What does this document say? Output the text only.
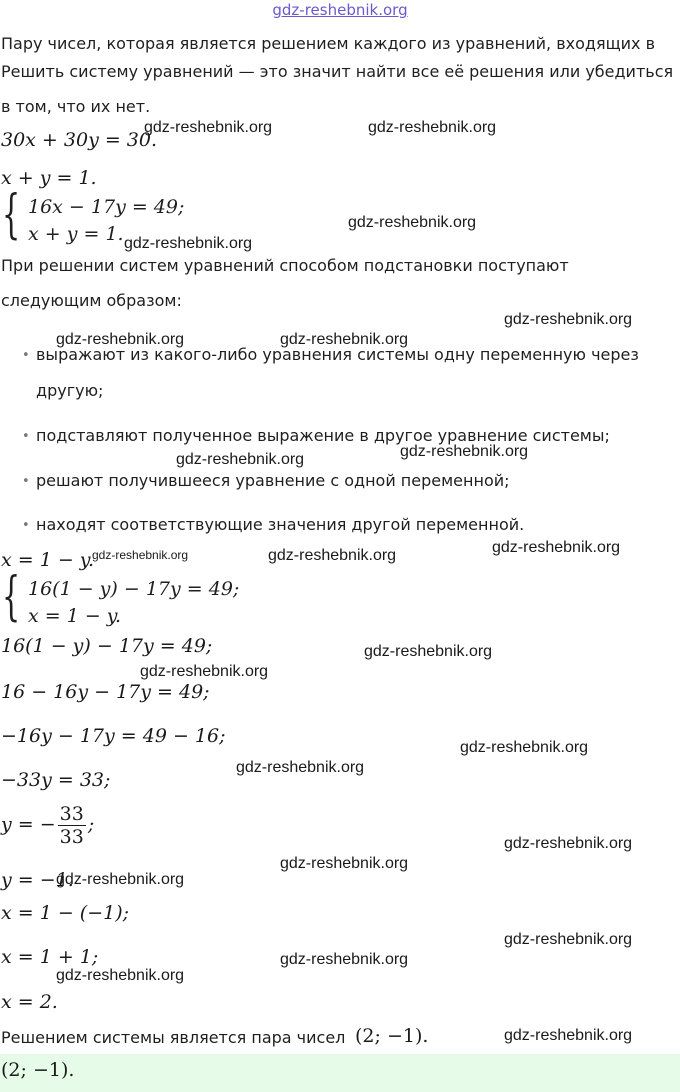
gdz-reshebnik.org
Пару чисел, которая является решением каждого из уравнений, входящих в
Решить систему уравнений — это значит найти все её решения или убедиться
в том, что их нет.
30x + 30y = 30.
x + y = 1.
{ 16x − 17y = 49;
x + y = 1.
При решении систем уравнений способом подстановки поступают
следующим образом:
• выражают из какого-либо уравнения системы одну переменную через
другую;
• подставляют полученное выражение в другое уравнение системы;
• решают получившееся уравнение с одной переменной;
• находят соответствующие значения другой переменной.
x = 1 − y.
{ 16(1 − y) − 17y = 49;
x = 1 − y.
16(1 − y) − 17y = 49;
16 − 16y − 17y = 49;
−16y − 17y = 49 − 16;
−33y = 33;
y = − $\frac{33}{33}$ ;
y = −1.
x = 1 − (−1);
x = 1 + 1;
x = 2.
Решением системы является пара чисел (2; −1).
(2; −1).
gdz-reshebnik.org	gdz-reshebnik.org
gdz-reshebnik.org
gdz-reshebnik.org
gdz-reshebnik.org
gdz-reshebnik.org	gdz-reshebnik.org
gdz-reshebnik.org
gdz-reshebnik.org
gdz-reshebnik.org
gdz-reshebnik.org	gdz-reshebnik.org
gdz-reshebnik.org
gdz-reshebnik.org
gdz-reshebnik.org
gdz-reshebnik.org
gdz-reshebnik.org
gdz-reshebnik.org
gdz-reshebnik.org
gdz-reshebnik.org
gdz-reshebnik.org
gdz-reshebnik.org
gdz-reshebnik.org
